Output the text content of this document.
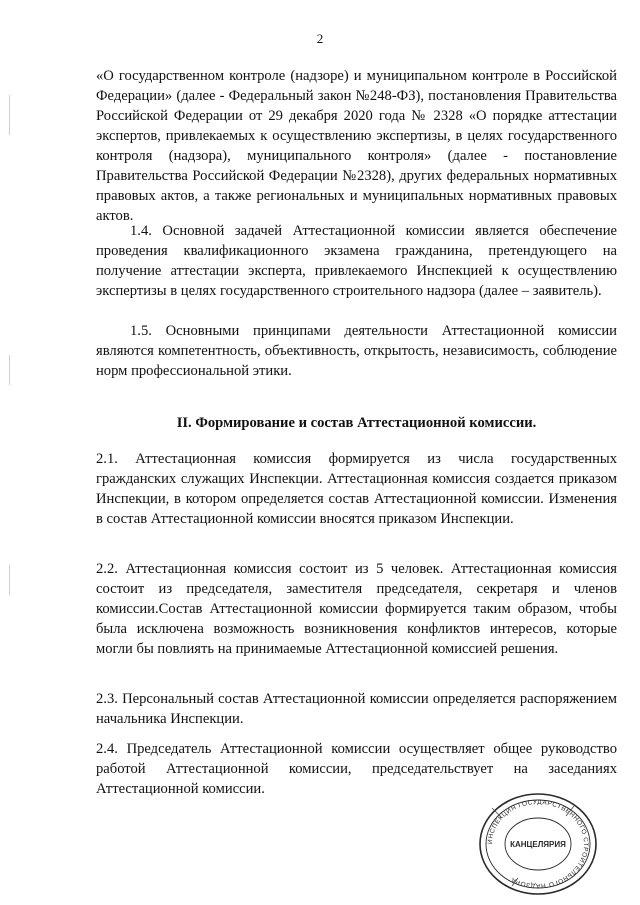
2

«О государственном контроле (надзоре) и муниципальном контроле в Российской Федерации» (далее - Федеральный закон №248-ФЗ), постановления Правительства Российской Федерации от 29 декабря 2020 года № 2328 «О порядке аттестации экспертов, привлекаемых к осуществлению экспертизы, в целях государственного контроля (надзора), муниципального контроля» (далее - постановление Правительства Российской Федерации №2328), других федеральных нормативных правовых актов, а также региональных и муниципальных нормативных правовых актов.

1.4. Основной задачей Аттестационной комиссии является обеспечение проведения квалификационного экзамена гражданина, претендующего на получение аттестации эксперта, привлекаемого Инспекцией к осуществлению экспертизы в целях государственного строительного надзора (далее – заявитель).

1.5. Основными принципами деятельности Аттестационной комиссии являются компетентность, объективность, открытость, независимость, соблюдение норм профессиональной этики.

II. Формирование и состав Аттестационной комиссии.

2.1. Аттестационная комиссия формируется из числа государственных гражданских служащих Инспекции. Аттестационная комиссия создается приказом Инспекции, в котором определяется состав Аттестационной комиссии. Изменения в состав Аттестационной комиссии вносятся приказом Инспекции.

2.2. Аттестационная комиссия состоит из 5 человек. Аттестационная комиссия состоит из председателя, заместителя председателя, секретаря и членов комиссии.Состав Аттестационной комиссии формируется таким образом, чтобы была исключена возможность возникновения конфликтов интересов, которые могли бы повлиять на принимаемые Аттестационной комиссией решения.

2.3. Персональный состав Аттестационной комиссии определяется распоряжением начальника Инспекции.

2.4. Председатель Аттестационной комиссии осуществляет общее руководство работой Аттестационной комиссии, председательствует на заседаниях Аттестационной комиссии.

ИНСПЕКЦИЯ ГОСУДАРСТВЕННОГО СТРОИТЕЛЬНОГО НАДЗОРА
КАНЦЕЛЯРИЯ
